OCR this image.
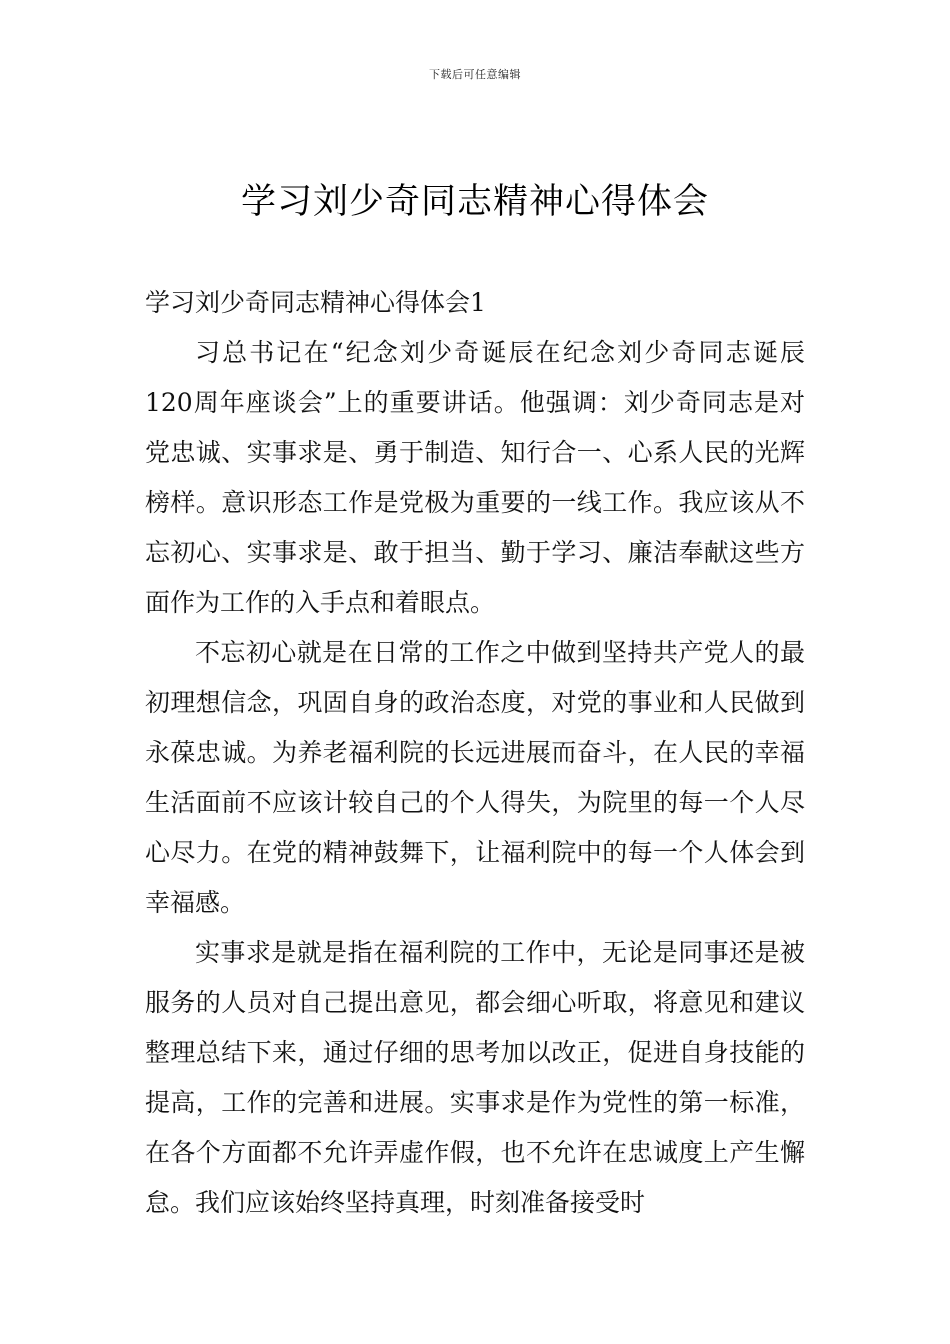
下载后可任意编辑
学习刘少奇同志精神心得体会

学习刘少奇同志精神心得体会1

习总书记在“纪念刘少奇诞辰在纪念刘少奇同志诞辰120周年座谈会”上的重要讲话。他强调：刘少奇同志是对党忠诚、实事求是、勇于制造、知行合一、心系人民的光辉榜样。意识形态工作是党极为重要的一线工作。我应该从不忘初心、实事求是、敢于担当、勤于学习、廉洁奉献这些方面作为工作的入手点和着眼点。

不忘初心就是在日常的工作之中做到坚持共产党人的最初理想信念，巩固自身的政治态度，对党的事业和人民做到永葆忠诚。为养老福利院的长远进展而奋斗，在人民的幸福生活面前不应该计较自己的个人得失，为院里的每一个人尽心尽力。在党的精神鼓舞下，让福利院中的每一个人体会到幸福感。

实事求是就是指在福利院的工作中，无论是同事还是被服务的人员对自己提出意见，都会细心听取，将意见和建议整理总结下来，通过仔细的思考加以改正，促进自身技能的提高，工作的完善和进展。实事求是作为党性的第一标准，在各个方面都不允许弄虚作假，也不允许在忠诚度上产生懈怠。我们应该始终坚持真理，时刻准备接受时
